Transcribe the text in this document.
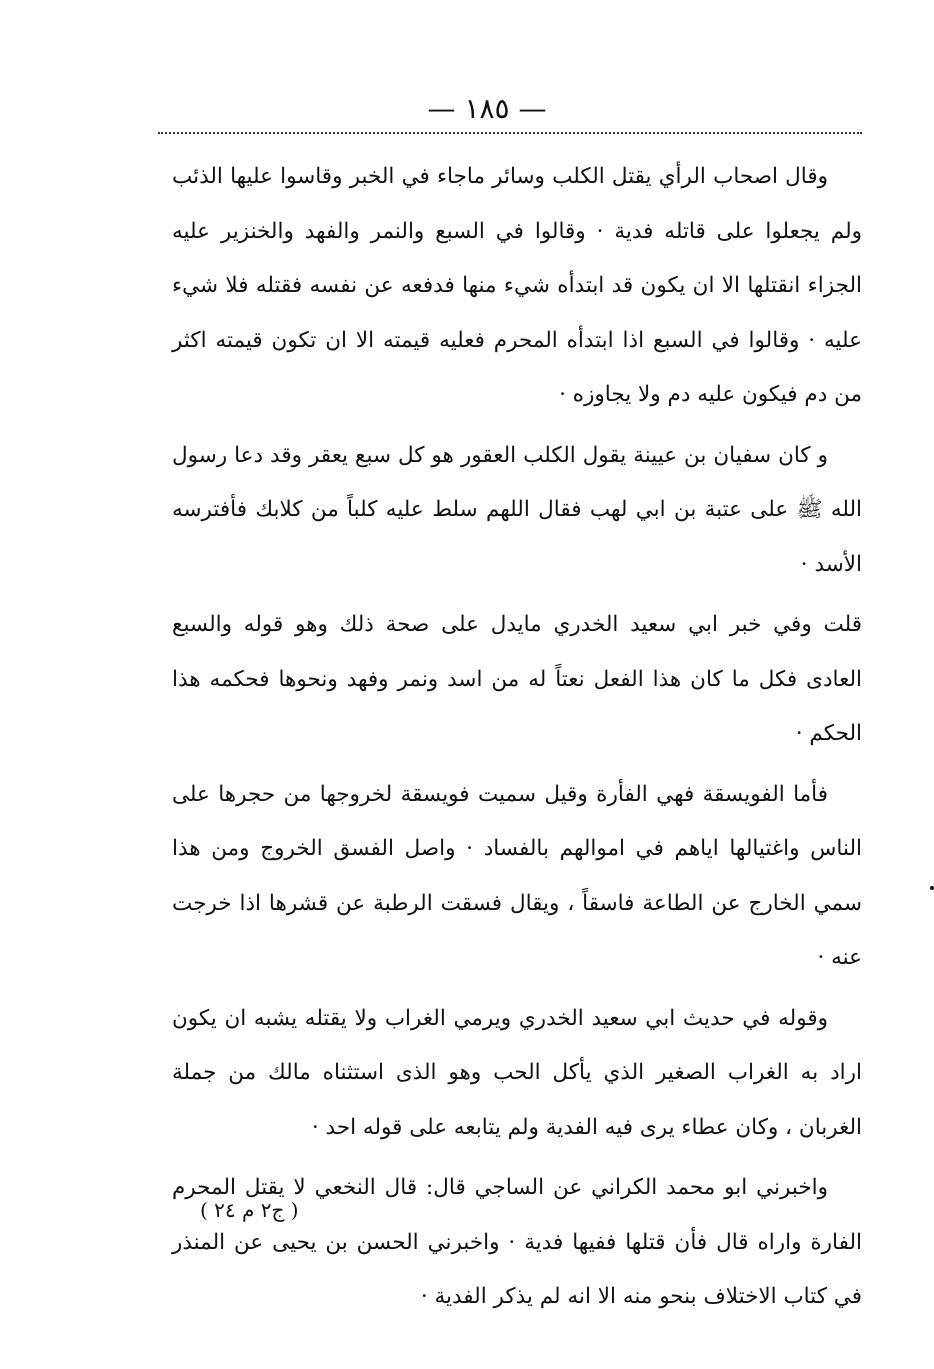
— ١٨٥ —

وقال اصحاب الرأي يقتل الكلب وسائر ماجاء في الخبر وقاسوا عليها الذئب ولم يجعلوا على قاتله فدية · وقالوا في السبع والنمر والفهد والخنزير عليه الجزاء انقتلها الا ان يكون قد ابتدأه شيء منها فدفعه عن نفسه فقتله فلا شيء عليه · وقالوا في السبع اذا ابتدأه المحرم فعليه قيمته الا ان تكون قيمته اكثر من دم فيكون عليه دم ولا يجاوزه ·

و كان سفيان بن عيينة يقول الكلب العقور هو كل سبع يعقر وقد دعا رسول الله ﷺ على عتبة بن ابي لهب فقال اللهم سلط عليه كلباً من كلابك فأفترسه الأسد ·

قلت وفي خبر ابي سعيد الخدري مايدل على صحة ذلك وهو قوله والسبع العادى فكل ما كان هذا الفعل نعتاً له من اسد ونمر وفهد ونحوها فحكمه هذا الحكم ·

فأما الفويسقة فهي الفأرة وقيل سميت فويسقة لخروجها من حجرها على الناس واغتيالها اياهم في اموالهم بالفساد · واصل الفسق الخروج ومن هذا سمي الخارج عن الطاعة فاسقاً ، ويقال فسقت الرطبة عن قشرها اذا خرجت عنه ·

وقوله في حديث ابي سعيد الخدري ويرمي الغراب ولا يقتله يشبه ان يكون اراد به الغراب الصغير الذي يأكل الحب وهو الذى استثناه مالك من جملة الغربان ، وكان عطاء يرى فيه الفدية ولم يتابعه على قوله احد ·

واخبرني ابو محمد الكراني عن الساجي قال: قال النخعي لا يقتل المحرم الفارة واراه قال فأن قتلها ففيها فدية · واخبرني الحسن بن يحيى عن المنذر في كتاب الاختلاف بنحو منه الا انه لم يذكر الفدية ·

( ج٢ م ٢٤ )
